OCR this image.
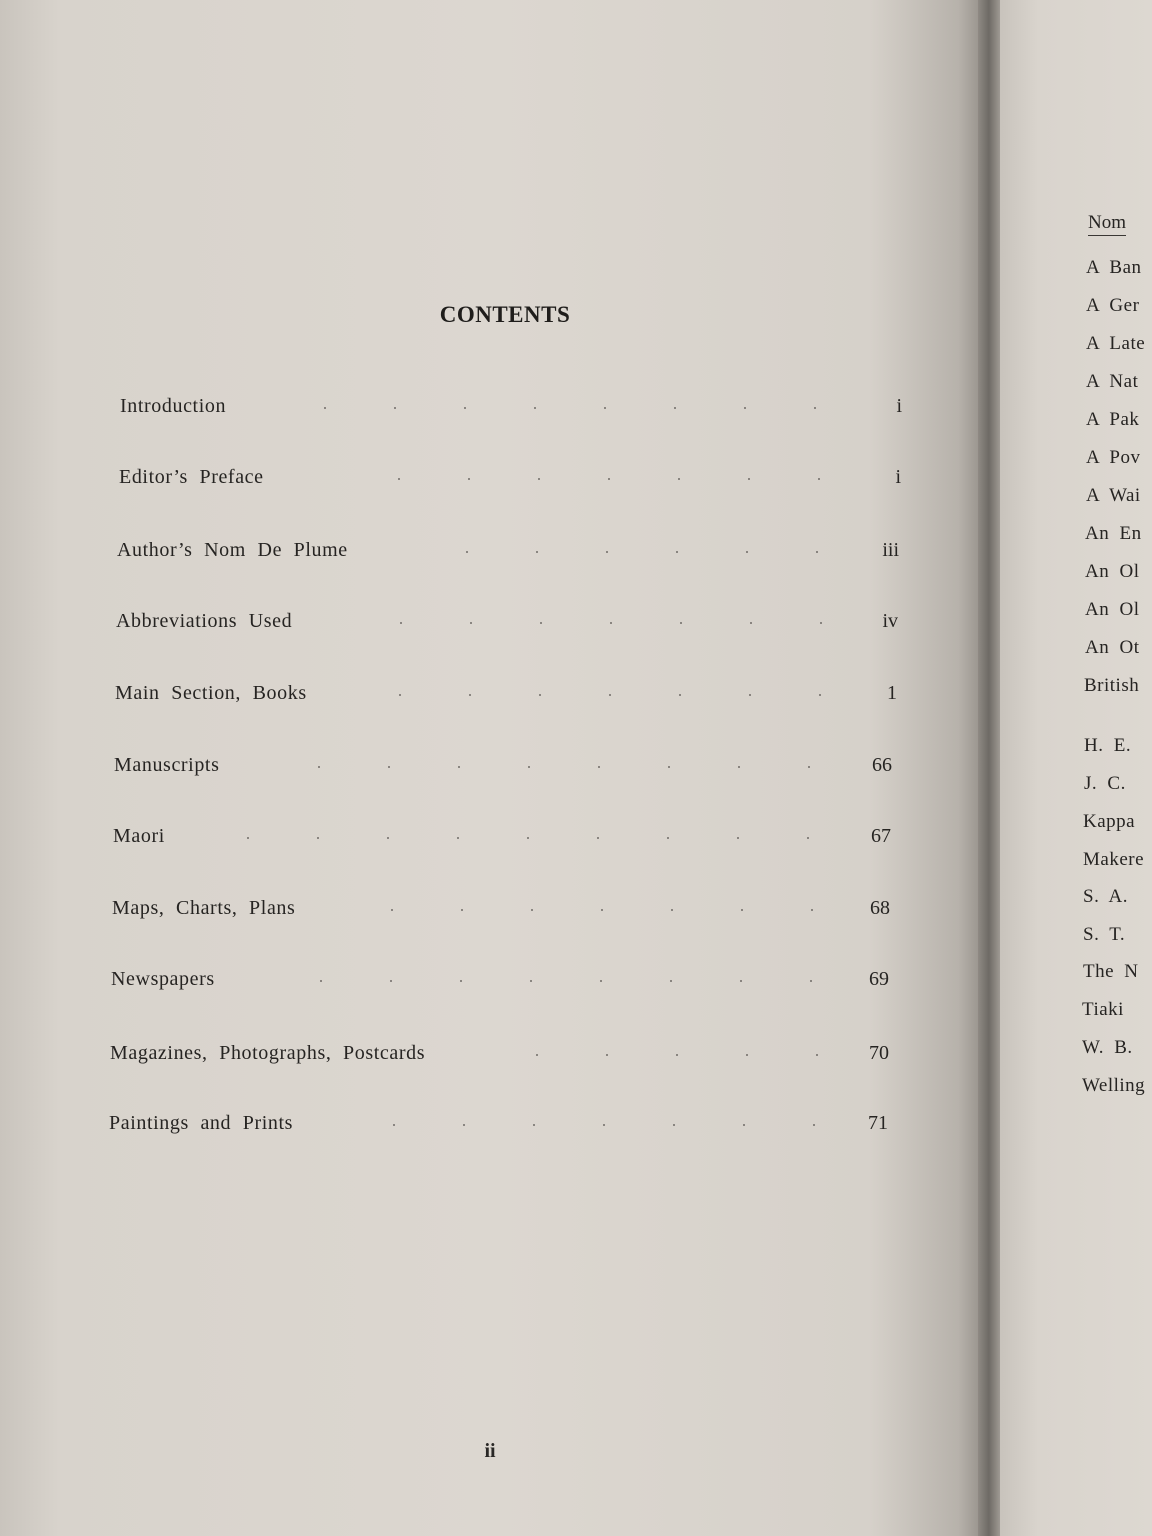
CONTENTS
Introduction	i
Editor’s Preface	i
Author’s Nom De Plume	iii
Abbreviations Used	iv
Main Section, Books	1
Manuscripts	66
Maori	67
Maps, Charts, Plans	68
Newspapers	69
Magazines, Photographs, Postcards	70
Paintings and Prints	71
ii
Nom
A Ban
A Ger
A Late
A Nat
A Pak
A Pov
A Wai
An En
An Ol
An Ol
An Ot
British
H. E.
J. C.
Kappa
Makere
S. A.
S. T.
The N
Tiaki
W. B.
Welling
